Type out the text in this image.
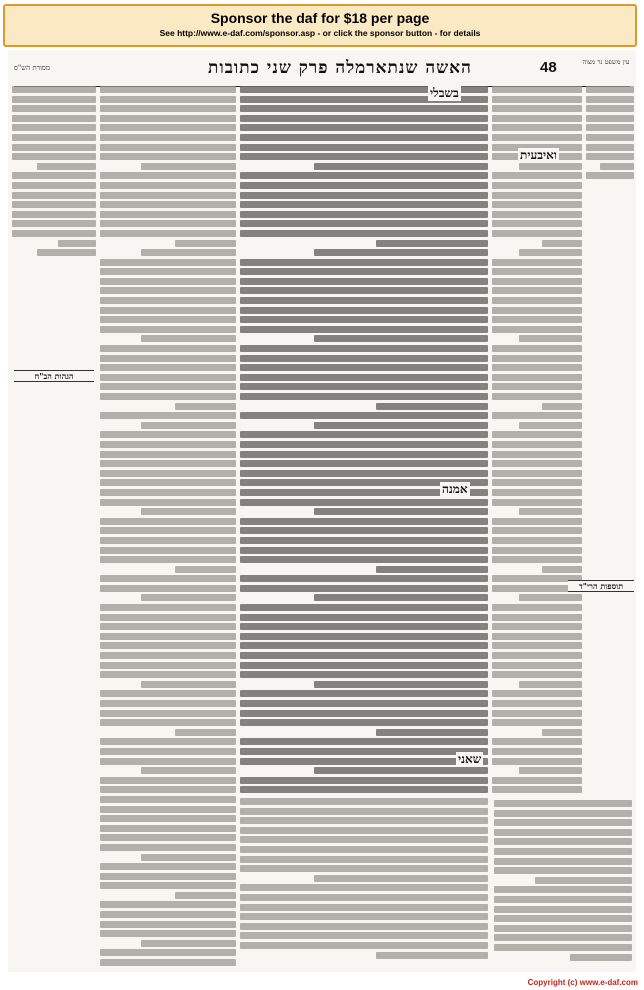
Sponsor the daf for $18 per page
See http://www.e-daf.com/sponsor.asp - or click the sponsor button - for details
מסורת הש"ס	האשה שנתארמלה פרק שני כתובות	48	עין משפט נר מצוה
בשבלי
ואיבעית
אמנה
שאני
הגהות הב"ח
תוספות הרי"ד
Copyright (c) www.e-daf.com
